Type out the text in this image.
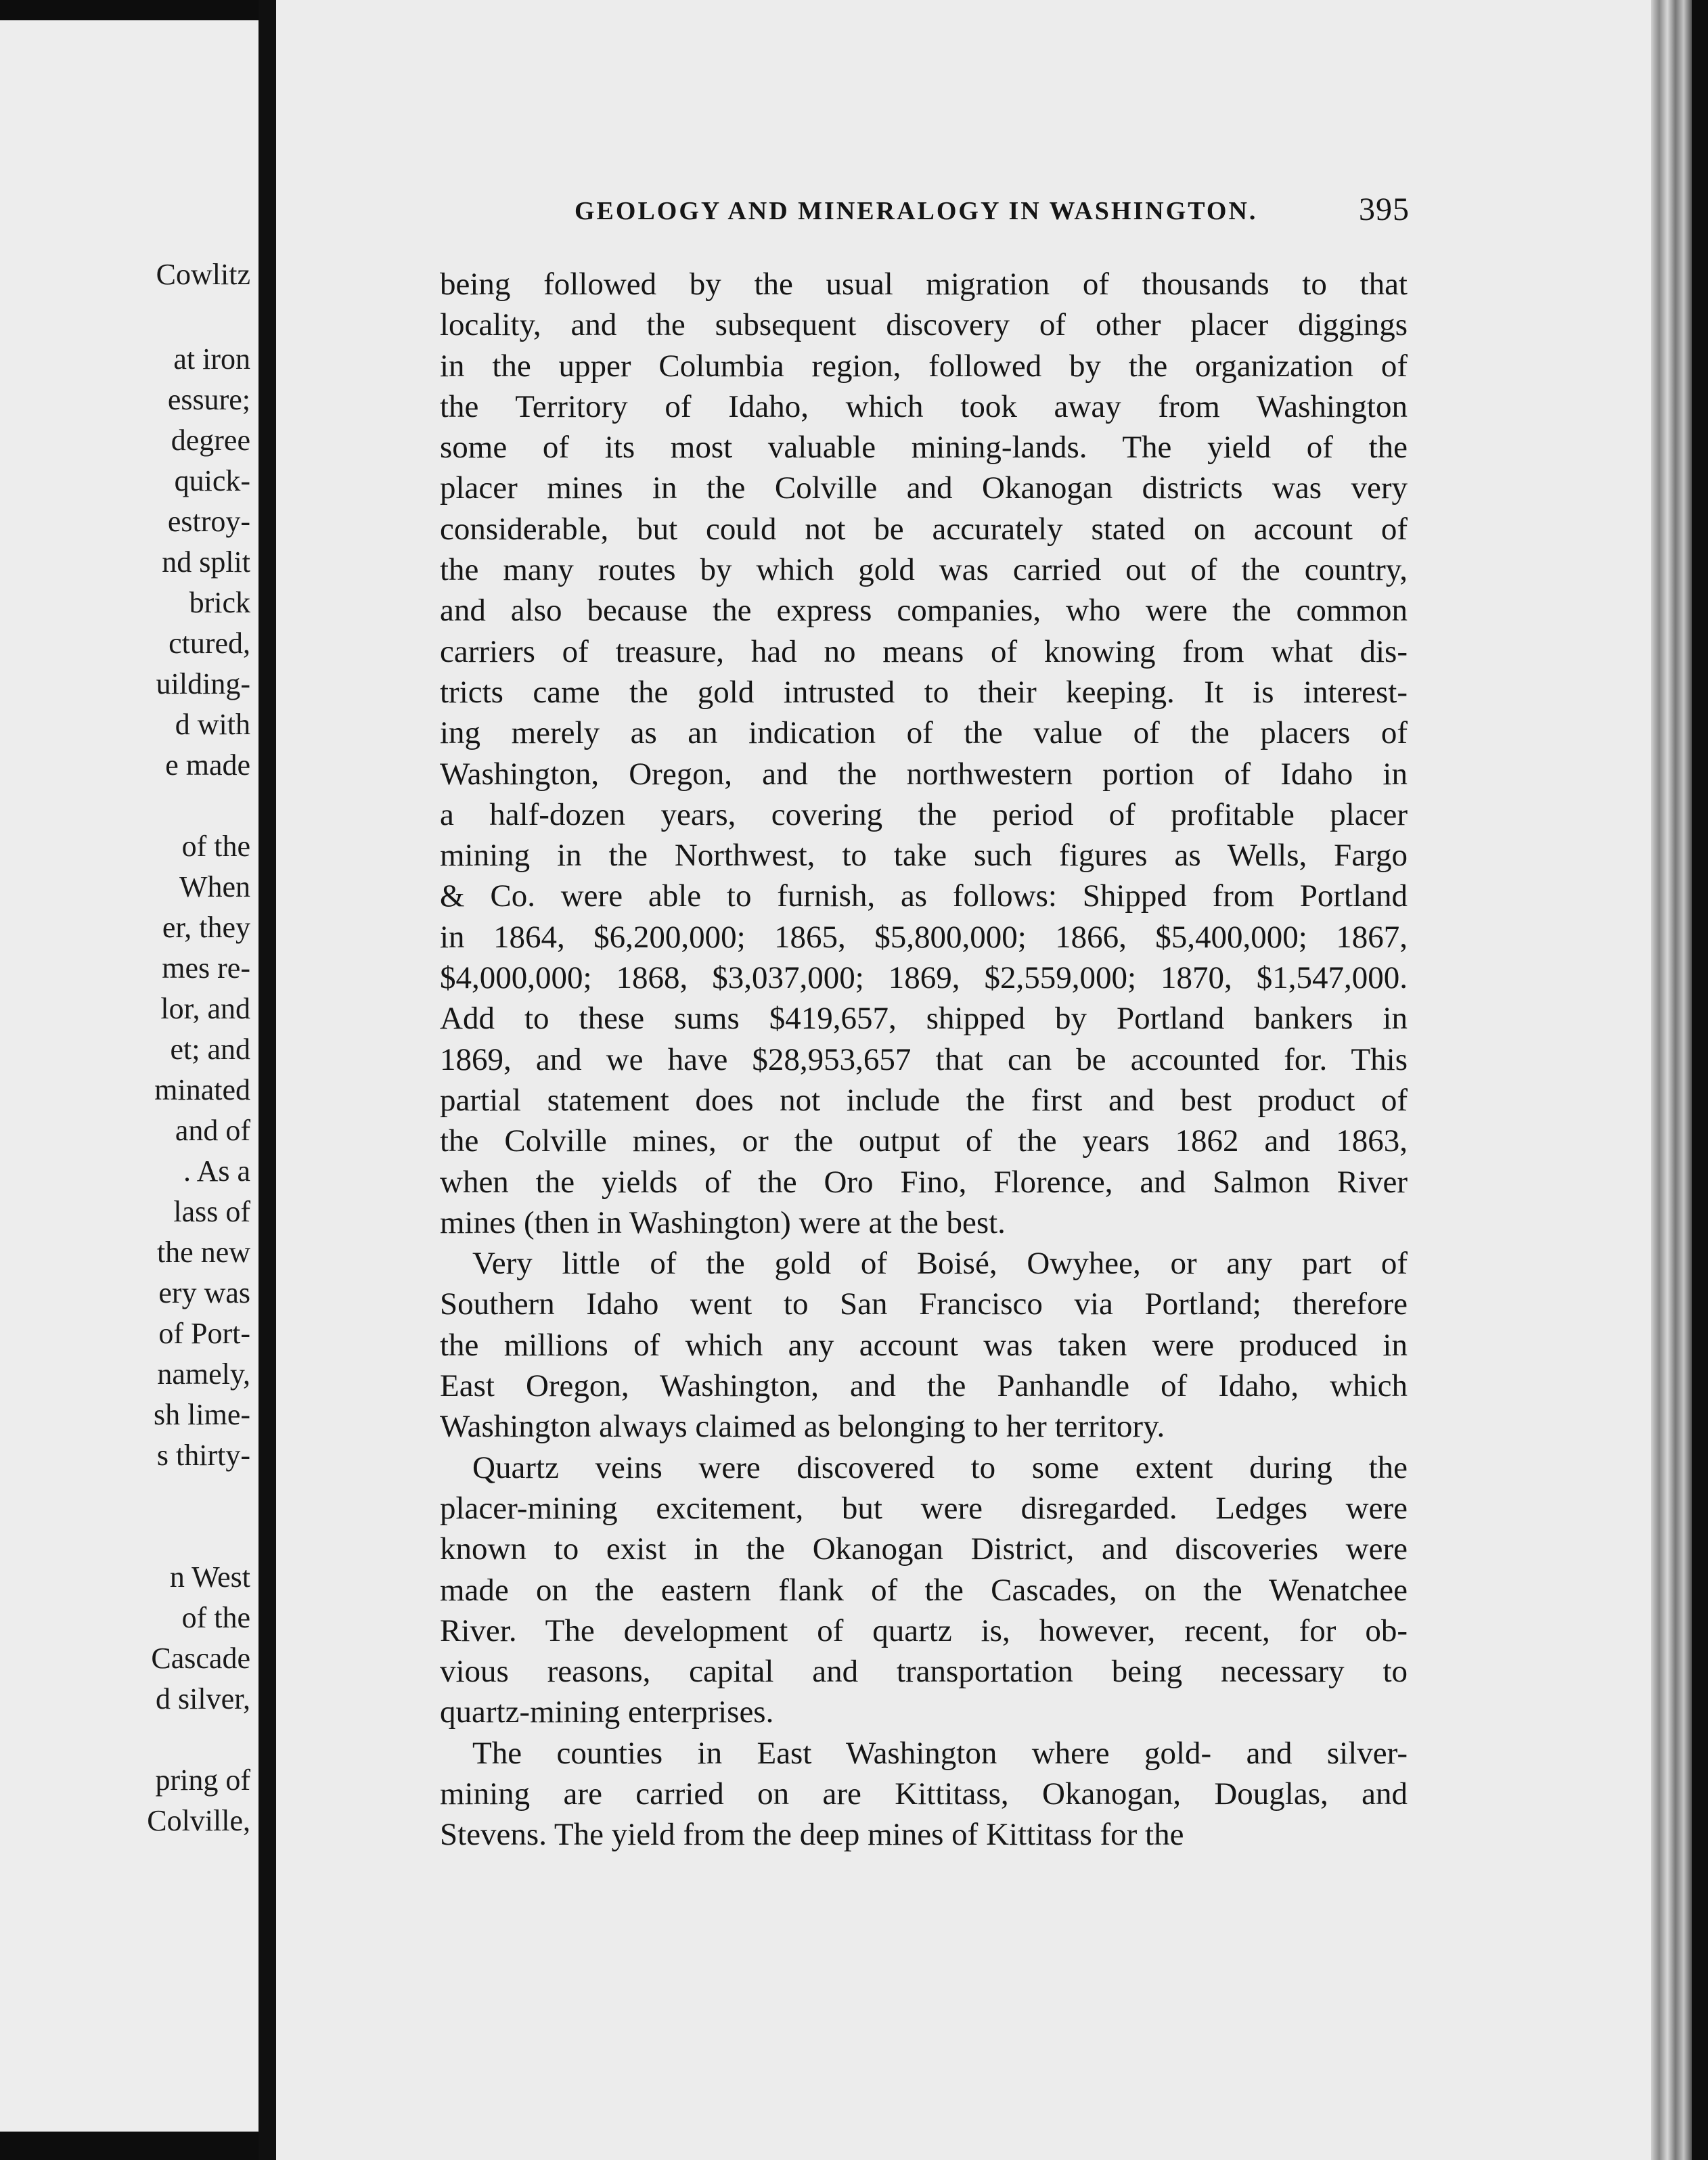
Cowlitz
at iron
essure;
degree
quick-
estroy-
nd split
brick
ctured,
uilding-
d with
e made
of the
When
er, they
mes re-
lor, and
et; and
minated
and of
. As a
lass of
the new
ery was
of Port-
namely,
sh lime-
s thirty-
n West
of the
Cascade
d silver,
pring of
Colville,
GEOLOGY AND MINERALOGY IN WASHINGTON.	395
being followed by the usual migration of thousands to that
locality, and the subsequent discovery of other placer diggings
in the upper Columbia region, followed by the organization of
the Territory of Idaho, which took away from Washington
some of its most valuable mining-lands. The yield of the
placer mines in the Colville and Okanogan districts was very
considerable, but could not be accurately stated on account of
the many routes by which gold was carried out of the country,
and also because the express companies, who were the common
carriers of treasure, had no means of knowing from what dis-
tricts came the gold intrusted to their keeping. It is interest-
ing merely as an indication of the value of the placers of
Washington, Oregon, and the northwestern portion of Idaho in
a half-dozen years, covering the period of profitable placer
mining in the Northwest, to take such figures as Wells, Fargo
& Co. were able to furnish, as follows: Shipped from Portland
in 1864, $6,200,000; 1865, $5,800,000; 1866, $5,400,000; 1867,
$4,000,000; 1868, $3,037,000; 1869, $2,559,000; 1870, $1,547,000.
Add to these sums $419,657, shipped by Portland bankers in
1869, and we have $28,953,657 that can be accounted for. This
partial statement does not include the first and best product of
the Colville mines, or the output of the years 1862 and 1863,
when the yields of the Oro Fino, Florence, and Salmon River
mines (then in Washington) were at the best.
Very little of the gold of Boisé, Owyhee, or any part of
Southern Idaho went to San Francisco via Portland; therefore
the millions of which any account was taken were produced in
East Oregon, Washington, and the Panhandle of Idaho, which
Washington always claimed as belonging to her territory.
Quartz veins were discovered to some extent during the
placer-mining excitement, but were disregarded. Ledges were
known to exist in the Okanogan District, and discoveries were
made on the eastern flank of the Cascades, on the Wenatchee
River. The development of quartz is, however, recent, for ob-
vious reasons, capital and transportation being necessary to
quartz-mining enterprises.
The counties in East Washington where gold- and silver-
mining are carried on are Kittitass, Okanogan, Douglas, and
Stevens. The yield from the deep mines of Kittitass for the
